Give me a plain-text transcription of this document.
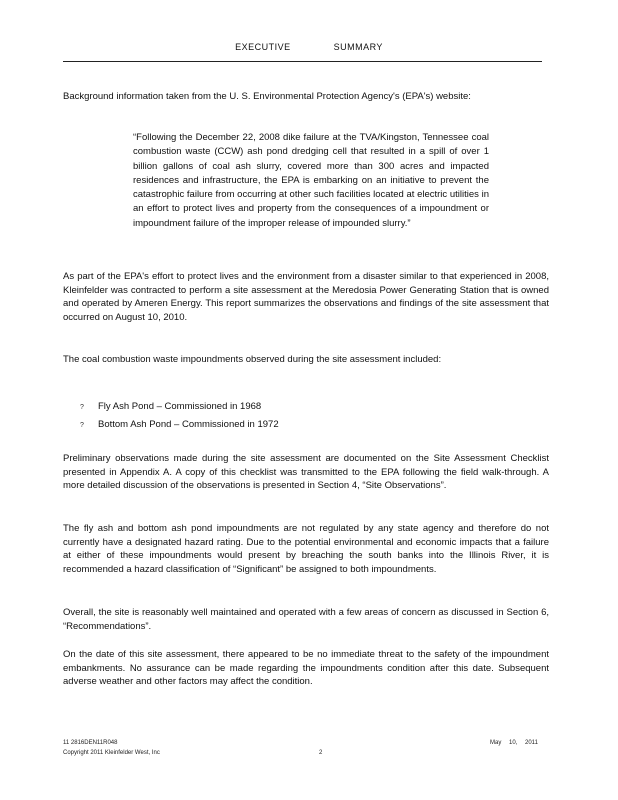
EXECUTIVE SUMMARY

Background information taken from the U. S. Environmental Protection Agency's (EPA's) website:

“Following the December 22, 2008 dike failure at the TVA/Kingston, Tennessee coal combustion waste (CCW) ash pond dredging cell that resulted in a spill of over 1 billion gallons of coal ash slurry, covered more than 300 acres and impacted residences and infrastructure, the EPA is embarking on an initiative to prevent the catastrophic failure from occurring at other such facilities located at electric utilities in an effort to protect lives and property from the consequences of a impoundment or impoundment failure of the improper release of impounded slurry.”

As part of the EPA's effort to protect lives and the environment from a disaster similar to that experienced in 2008, Kleinfelder was contracted to perform a site assessment at the Meredosia Power Generating Station that is owned and operated by Ameren Energy. This report summarizes the observations and findings of the site assessment that occurred on August 10, 2010.

The coal combustion waste impoundments observed during the site assessment included:

?	Fly Ash Pond – Commissioned in 1968
?	Bottom Ash Pond – Commissioned in 1972

Preliminary observations made during the site assessment are documented on the Site Assessment Checklist presented in Appendix A. A copy of this checklist was transmitted to the EPA following the field walk-through. A more detailed discussion of the observations is presented in Section 4, “Site Observations”.

The fly ash and bottom ash pond impoundments are not regulated by any state agency and therefore do not currently have a designated hazard rating. Due to the potential environmental and economic impacts that a failure at either of these impoundments would present by breaching the south banks into the Illinois River, it is recommended a hazard classification of “Significant” be assigned to both impoundments.

Overall, the site is reasonably well maintained and operated with a few areas of concern as discussed in Section 6, “Recommendations”.

On the date of this site assessment, there appeared to be no immediate threat to the safety of the impoundment embankments. No assurance can be made regarding the impoundments condition after this date. Subsequent adverse weather and other factors may affect the condition.

11 2816DEN11R048
Copyright 2011 Kleinfelder West, Inc	2
May 10, 2011
